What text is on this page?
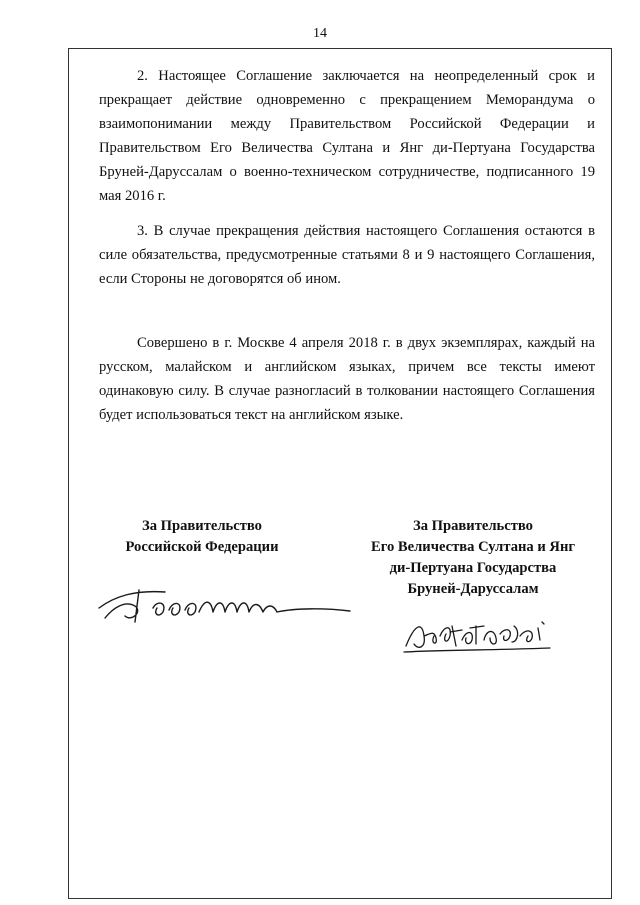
14

2. Настоящее Соглашение заключается на неопределенный срок и прекращает действие одновременно с прекращением Меморандума о взаимопонимании между Правительством Российской Федерации и Правительством Его Величества Султана и Янг ди-Пертуана Государства Бруней-Даруссалам о военно-техническом сотрудничестве, подписанного 19 мая 2016 г.

3. В случае прекращения действия настоящего Соглашения остаются в силе обязательства, предусмотренные статьями 8 и 9 настоящего Соглашения, если Стороны не договорятся об ином.

Совершено в г. Москве 4 апреля 2018 г. в двух экземплярах, каждый на русском, малайском и английском языках, причем все тексты имеют одинаковую силу. В случае разногласий в толковании настоящего Соглашения будет использоваться текст на английском языке.

За Правительство
Российской Федерации
За Правительство
Его Величества Султана и Янг
ди-Пертуана Государства
Бруней-Даруссалам
